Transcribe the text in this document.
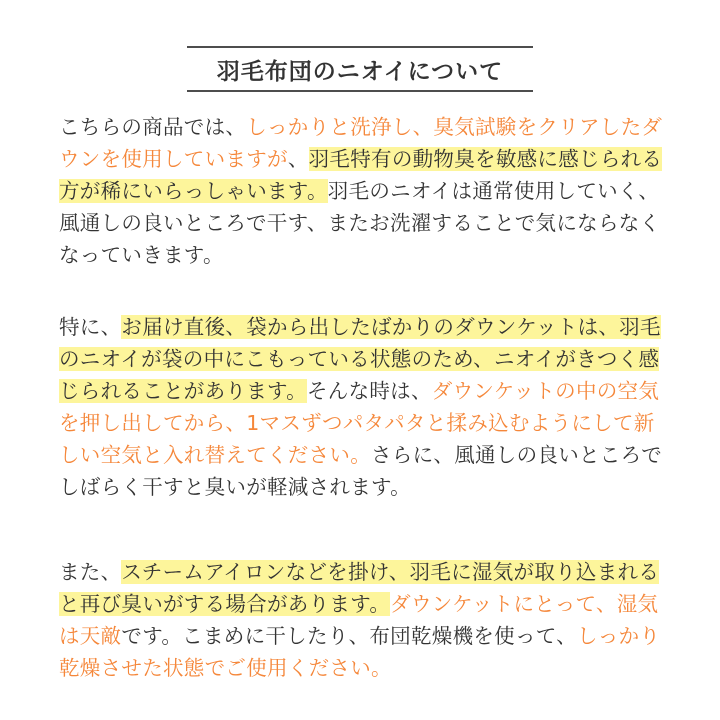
羽毛布団のニオイについて

こちらの商品では、しっかりと洗浄し、臭気試験をクリアしたダウンを使用していますが、羽毛特有の動物臭を敏感に感じられる方が稀にいらっしゃいます。羽毛のニオイは通常使用していく、風通しの良いところで干す、またお洗濯することで気にならなくなっていきます。

特に、お届け直後、袋から出したばかりのダウンケットは、羽毛のニオイが袋の中にこもっている状態のため、ニオイがきつく感じられることがあります。そんな時は、ダウンケットの中の空気を押し出してから、1マスずつパタパタと揉み込むようにして新しい空気と入れ替えてください。さらに、風通しの良いところでしばらく干すと臭いが軽減されます。

また、スチームアイロンなどを掛け、羽毛に湿気が取り込まれると再び臭いがする場合があります。ダウンケットにとって、湿気は天敵です。こまめに干したり、布団乾燥機を使って、しっかり乾燥させた状態でご使用ください。
